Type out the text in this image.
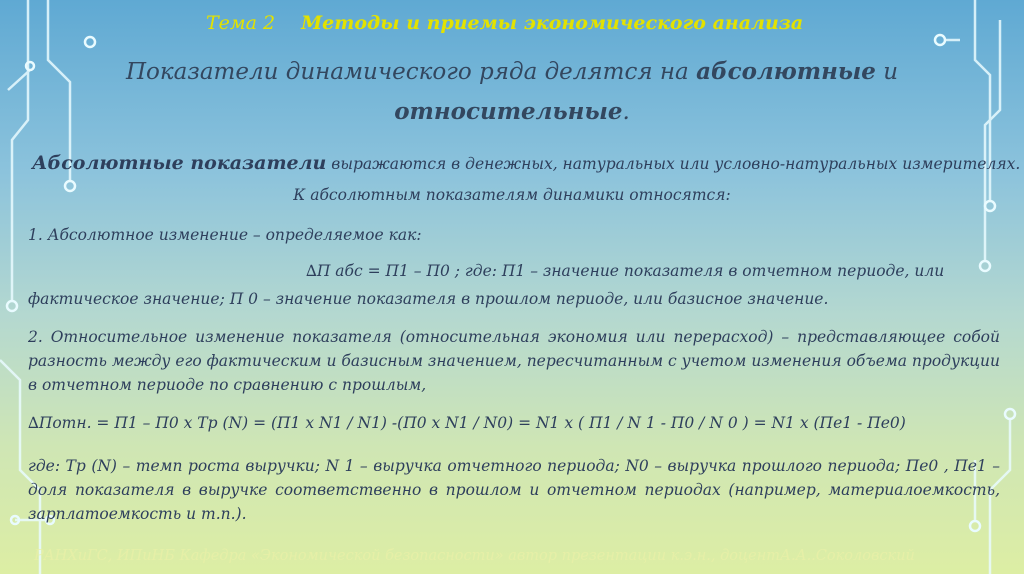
Тема 2 Методы и приемы экономического анализа
Показатели динамического ряда делятся на абсолютные и
относительные.
Абсолютные показатели выражаются в денежных, натуральных или условно-натуральных измерителях.
К абсолютным показателям динамики относятся:
1. Абсолютное изменение – определяемое как:
∆П абс = П1 – П0 ; где: П1 – значение показателя в отчетном периоде, или
фактическое значение; П 0 – значение показателя в прошлом периоде, или базисное значение.
2. Относительное изменение показателя (относительная экономия или перерасход) – представляющее собой разность между его фактическим и базисным значением, пересчитанным с учетом изменения объема продукции в отчетном периоде по сравнению с прошлым,
∆Потн. = П1 – П0 х Тр (N) = (П1 х N1 / N1) -(П0 х N1 / N0) = N1 х ( П1 / N 1 - П0 / N 0 ) = N1 х (Пе1 - Пе0)
где: Тр (N) – темп роста выручки; N 1 – выручка отчетного периода; N0 – выручка прошлого периода; Пе0 , Пе1 – доля показателя в выручке соответственно в прошлом и отчетном периодах (например, материалоемкость, зарплатоемкость и т.п.).
РАНХиГС, ИПиНБ Кафедра «Экономической безопасности» автор презентации к.э.н., доцентА.А..Соколовский
